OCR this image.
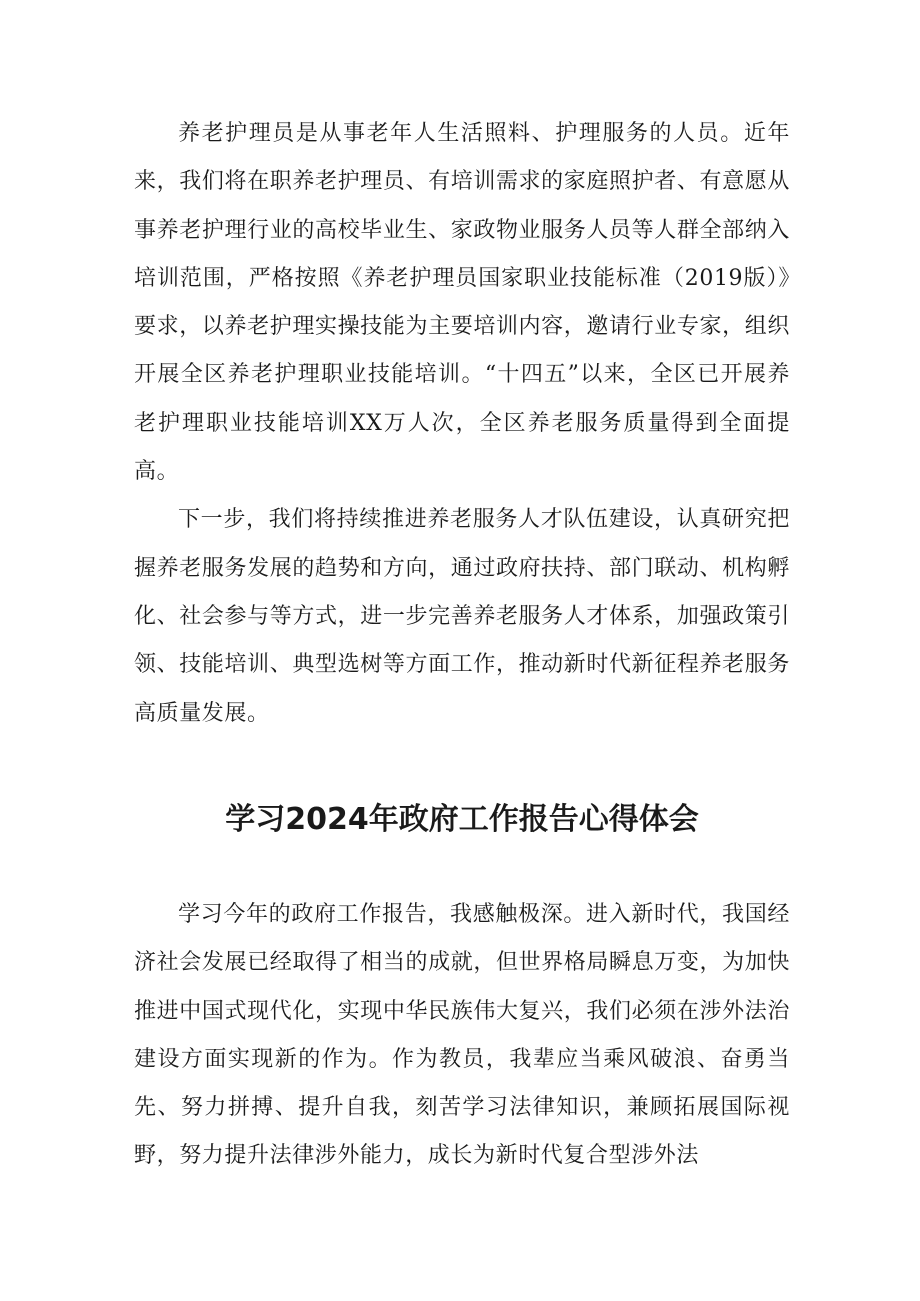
养老护理员是从事老年人生活照料、护理服务的人员。近年来，我们将在职养老护理员、有培训需求的家庭照护者、有意愿从事养老护理行业的高校毕业生、家政物业服务人员等人群全部纳入培训范围，严格按照《养老护理员国家职业技能标准（2019版）》要求，以养老护理实操技能为主要培训内容，邀请行业专家，组织开展全区养老护理职业技能培训。“十四五”以来，全区已开展养老护理职业技能培训XX万人次，全区养老服务质量得到全面提高。

下一步，我们将持续推进养老服务人才队伍建设，认真研究把握养老服务发展的趋势和方向，通过政府扶持、部门联动、机构孵化、社会参与等方式，进一步完善养老服务人才体系，加强政策引领、技能培训、典型选树等方面工作，推动新时代新征程养老服务高质量发展。

学习2024年政府工作报告心得体会

学习今年的政府工作报告，我感触极深。进入新时代，我国经济社会发展已经取得了相当的成就，但世界格局瞬息万变，为加快推进中国式现代化，实现中华民族伟大复兴，我们必须在涉外法治建设方面实现新的作为。作为教员，我辈应当乘风破浪、奋勇当先、努力拼搏、提升自我，刻苦学习法律知识，兼顾拓展国际视野，努力提升法律涉外能力，成长为新时代复合型涉外法
